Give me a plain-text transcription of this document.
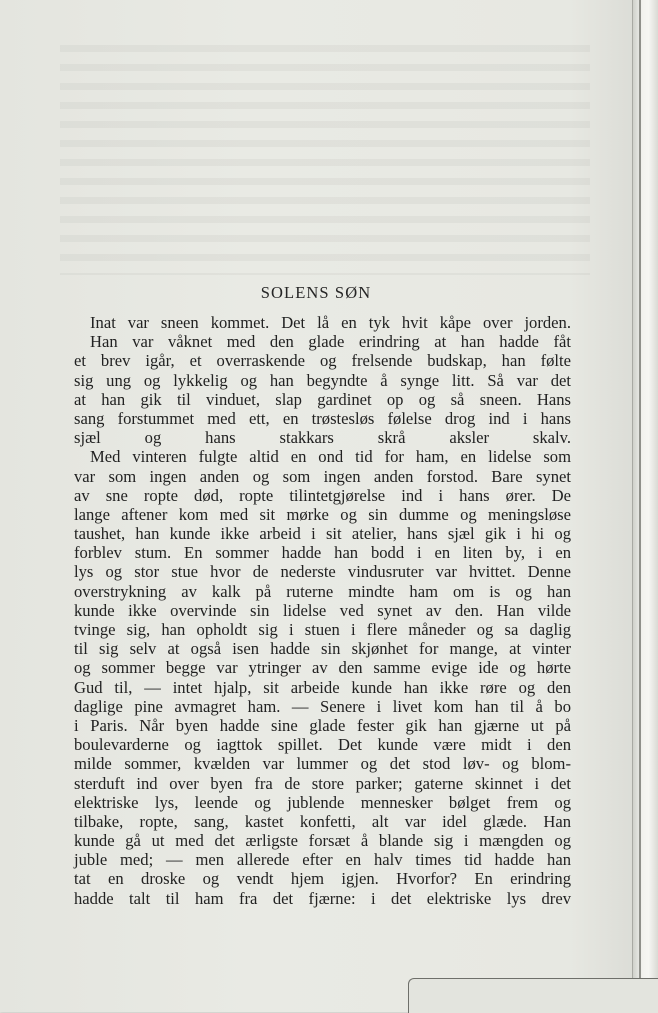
SOLENS SØN
Inat var sneen kommet. Det lå en tyk hvit kåpe over jorden.
Han var våknet med den glade erindring at han hadde fåt
et brev igår, et overraskende og frelsende budskap, han følte
sig ung og lykkelig og han begyndte å synge litt. Så var det
at han gik til vinduet, slap gardinet op og så sneen. Hans
sang forstummet med ett, en trøstesløs følelse drog ind i hans
sjæl og hans stakkars skrå aksler skalv.
Med vinteren fulgte altid en ond tid for ham, en lidelse som
var som ingen anden og som ingen anden forstod. Bare synet
av sne ropte død, ropte tilintetgjørelse ind i hans ører. De
lange aftener kom med sit mørke og sin dumme og meningsløse
taushet, han kunde ikke arbeid i sit atelier, hans sjæl gik i hi og
forblev stum. En sommer hadde han bodd i en liten by, i en
lys og stor stue hvor de nederste vindusruter var hvittet. Denne
overstrykning av kalk på ruterne mindte ham om is og han
kunde ikke overvinde sin lidelse ved synet av den. Han vilde
tvinge sig, han opholdt sig i stuen i flere måneder og sa daglig
til sig selv at også isen hadde sin skjønhet for mange, at vinter
og sommer begge var ytringer av den samme evige ide og hørte
Gud til, — intet hjalp, sit arbeide kunde han ikke røre og den
daglige pine avmagret ham. — Senere i livet kom han til å bo
i Paris. Når byen hadde sine glade fester gik han gjærne ut på
boulevarderne og iagttok spillet. Det kunde være midt i den
milde sommer, kvælden var lummer og det stod løv- og blom-
sterduft ind over byen fra de store parker; gaterne skinnet i det
elektriske lys, leende og jublende mennesker bølget frem og
tilbake, ropte, sang, kastet konfetti, alt var idel glæde. Han
kunde gå ut med det ærligste forsæt å blande sig i mængden og
juble med; — men allerede efter en halv times tid hadde han
tat en droske og vendt hjem igjen. Hvorfor? En erindring
hadde talt til ham fra det fjærne: i det elektriske lys drev
